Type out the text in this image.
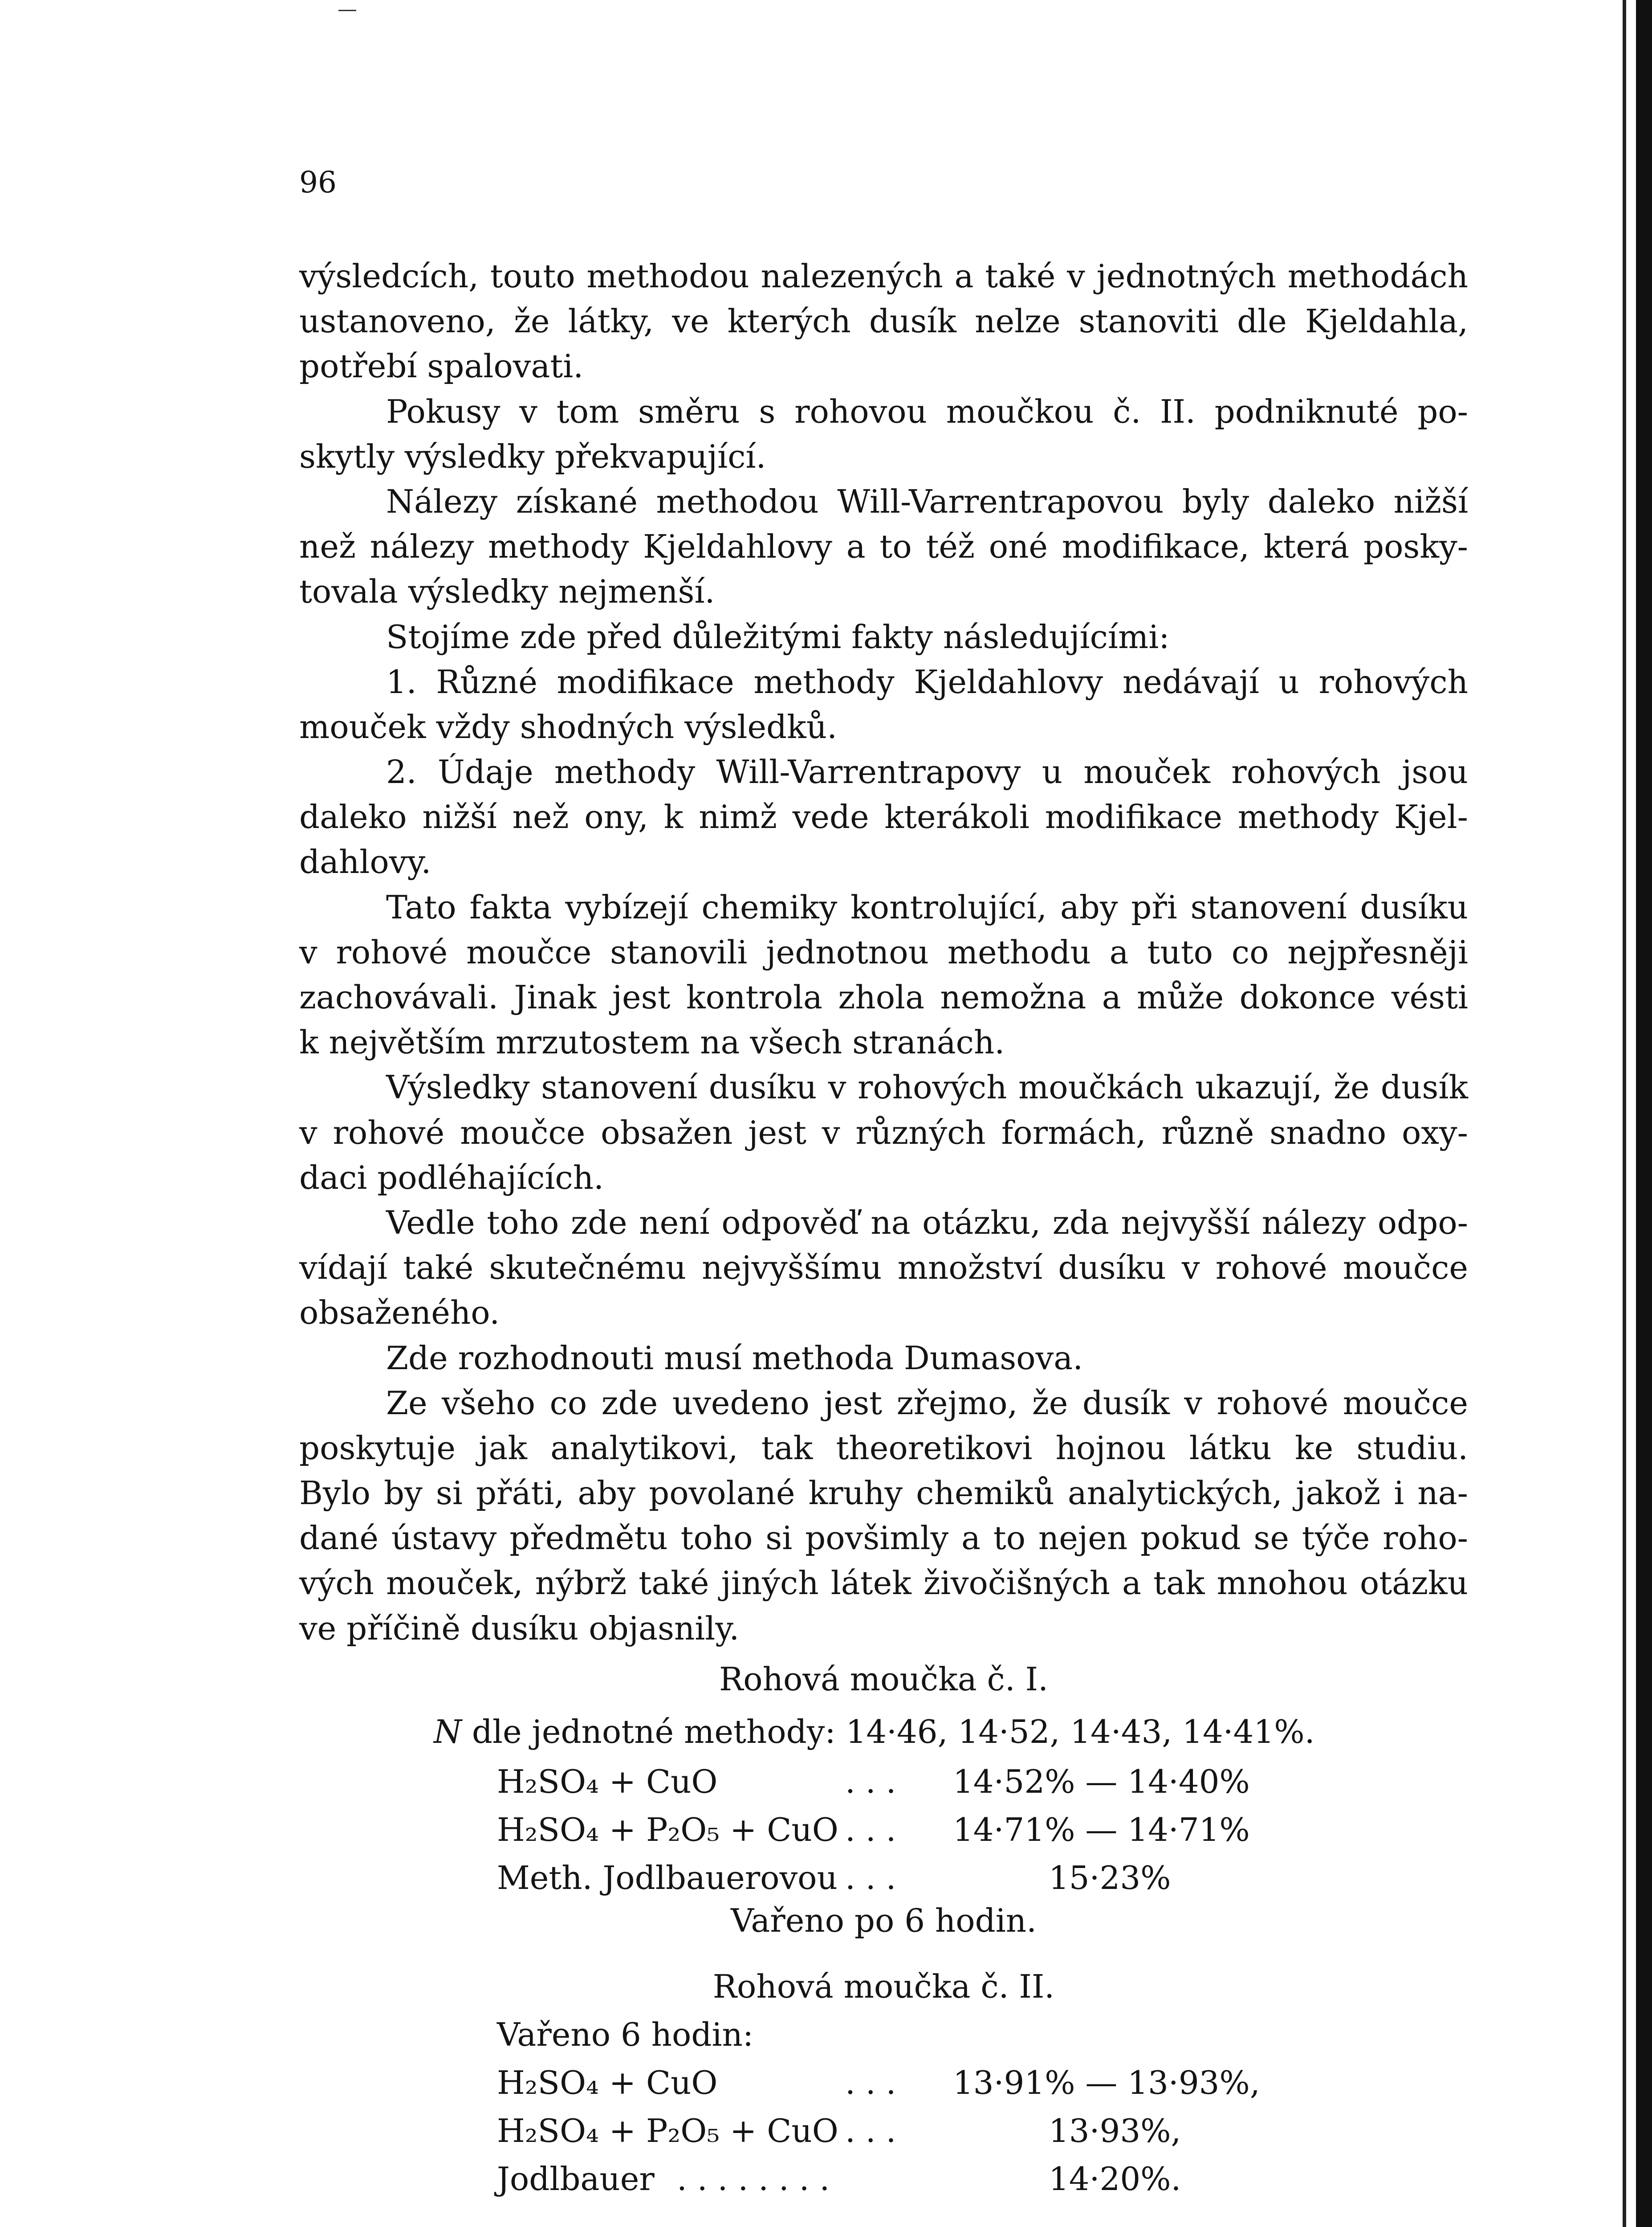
96
výsledcích, touto methodou nalezených a také v jednotných methodách
ustanoveno, že látky, ve kterých dusík nelze stanoviti dle Kjeldahla,
potřebí spalovati.
Pokusy v tom směru s rohovou moučkou č. II. podniknuté po-
skytly výsledky překvapující.
Nálezy získané methodou Will-Varrentrapovou byly daleko nižší
než nálezy methody Kjeldahlovy a to též oné modifikace, která posky-
tovala výsledky nejmenší.
Stojíme zde před důležitými fakty následujícími:
1. Různé modifikace methody Kjeldahlovy nedávají u rohových
mouček vždy shodných výsledků.
2. Údaje methody Will-Varrentrapovy u mouček rohových jsou
daleko nižší než ony, k nimž vede kterákoli modifikace methody Kjel-
dahlovy.
Tato fakta vybízejí chemiky kontrolující, aby při stanovení dusíku
v rohové moučce stanovili jednotnou methodu a tuto co nejpřesněji
zachovávali. Jinak jest kontrola zhola nemožna a může dokonce vésti
k největším mrzutostem na všech stranách.
Výsledky stanovení dusíku v rohových moučkách ukazují, že dusík
v rohové moučce obsažen jest v různých formách, různě snadno oxy-
daci podléhajících.
Vedle toho zde není odpověď na otázku, zda nejvyšší nálezy odpo-
vídají také skutečnému nejvyššímu množství dusíku v rohové moučce
obsaženého.
Zde rozhodnouti musí methoda Dumasova.
Ze všeho co zde uvedeno jest zřejmo, že dusík v rohové moučce
poskytuje jak analytikovi, tak theoretikovi hojnou látku ke studiu.
Bylo by si přáti, aby povolané kruhy chemiků analytických, jakož i na-
dané ústavy předmětu toho si povšimly a to nejen pokud se týče roho-
vých mouček, nýbrž také jiných látek živočišných a tak mnohou otázku
ve příčině dusíku objasnily.
Rohová moučka č. I.
N dle jednotné methody: 14·46, 14·52, 14·43, 14·41%.
H₂SO₄ + CuO	. . . 14·52% — 14·40%
H₂SO₄ + P₂O₅ + CuO . . . 14·71% — 14·71%
Meth. Jodlbauerovou . . .	15·23%
Vařeno po 6 hodin.
Rohová moučka č. II.
Vařeno 6 hodin:
H₂SO₄ + CuO	. . . 13·91% — 13·93%,
H₂SO₄ + P₂O₅ + CuO . . .	13·93%,
Jodlbauer . . . . . . . .	14·20%.
